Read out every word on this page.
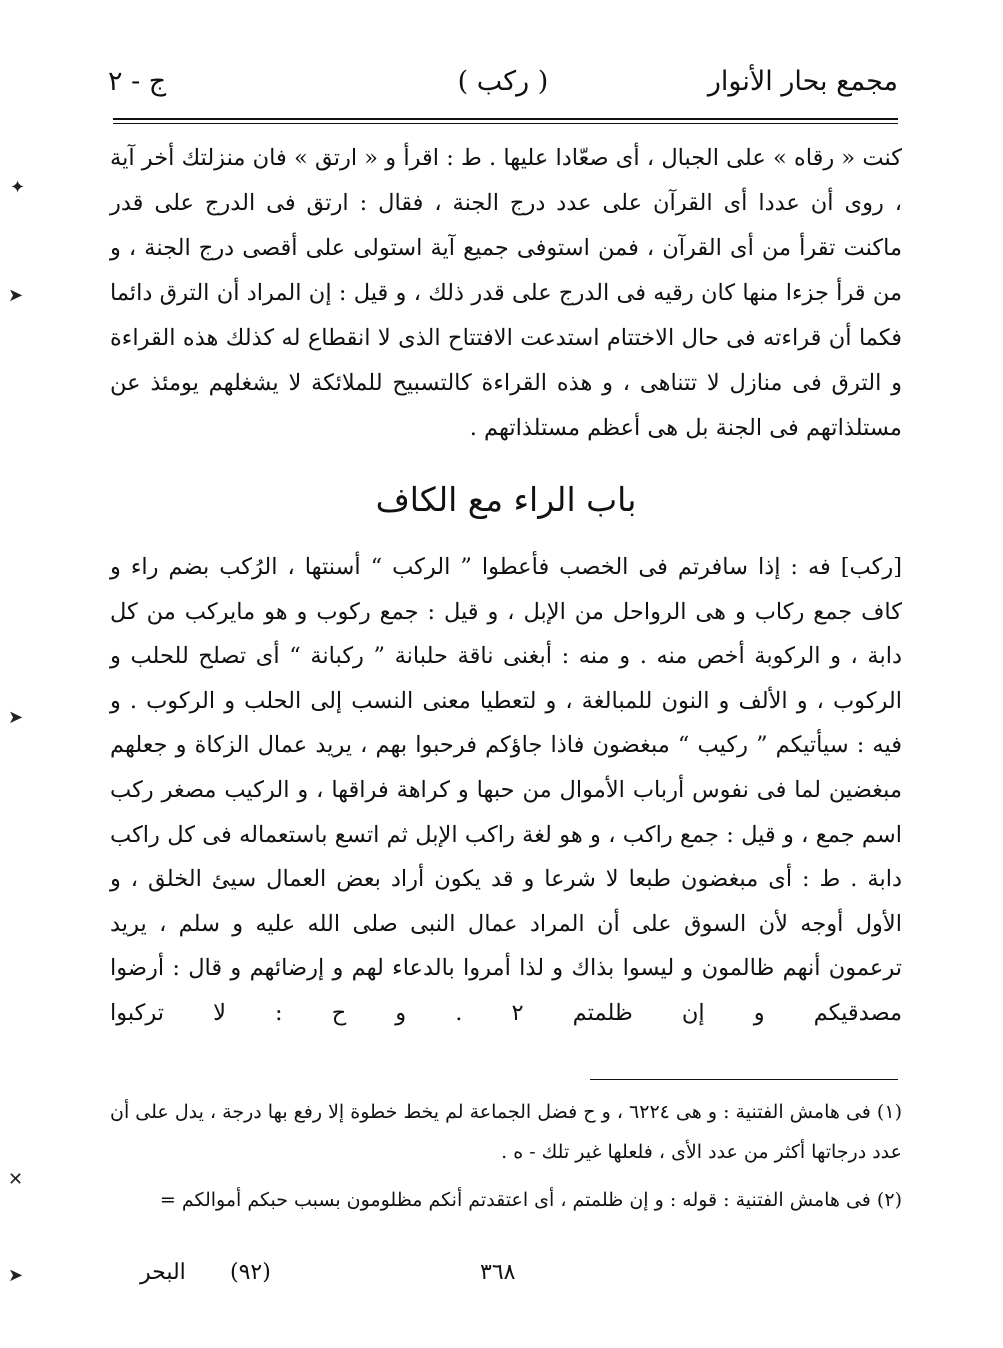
مجمع بحار الأنوار
( ركب )
ج - ٢
كنت « رقاه » على الجبال ، أى صعّادا عليها . ط : اقرأ و « ارتق » فان منزلتك أخر آية ، روى أن عددا أى القرآن على عدد درج الجنة ، فقال : ارتق فى الدرج على قدر ماكنت تقرأ من أى القرآن ، فمن استوفى جميع آية استولى على أقصى درج الجنة ، و من قرأ جزءا منها كان رقيه فى الدرج على قدر ذلك ، و قيل : إن المراد أن الترق دائما فكما أن قراءته فى حال الاختتام استدعت الافتتاح الذى لا انقطاع له كذلك هذه القراءة و الترق فى منازل لا تتناهى ، و هذه القراءة كالتسبيح للملائكة لا يشغلهم يومئذ عن مستلذاتهم فى الجنة بل هى أعظم مستلذاتهم .
باب الراء مع الكاف
[ركب] فه : إذا سافرتم فى الخصب فأعطوا ” الركب “ أسنتها ، الرُكب بضم راء و كاف جمع ركاب و هى الرواحل من الإبل ، و قيل : جمع ركوب و هو مايركب من كل دابة ، و الركوبة أخص منه . و منه : أبغنى ناقة حلبانة ” ركبانة “ أى تصلح للحلب و الركوب ، و الألف و النون للمبالغة ، و لتعطيا معنى النسب إلى الحلب و الركوب . و فيه : سيأتيكم ” ركيب “ مبغضون فاذا جاؤكم فرحبوا بهم ، يريد عمال الزكاة و جعلهم مبغضين لما فى نفوس أرباب الأموال من حبها و كراهة فراقها ، و الركيب مصغر ركب اسم جمع ، و قيل : جمع راكب ، و هو لغة راكب الإبل ثم اتسع باستعماله فى كل راكب دابة . ط : أى مبغضون طبعا لا شرعا و قد يكون أراد بعض العمال سيئ الخلق ، و الأول أوجه لأن السوق على أن المراد عمال النبى صلى الله عليه و سلم ، يريد ترعمون أنهم ظالمون و ليسوا بذاك و لذا أمروا بالدعاء لهم و إرضائهم و قال : أرضوا مصدقيكم و إن ظلمتم ٢ . و ح : لا تركبوا

(١) فى هامش الفتنية : و هى ٦٢٢٤ ، و ح فضل الجماعة لم يخط خطوة إلا رفع بها درجة ، يدل على أن عدد درجاتها أكثر من عدد الأى ، فلعلها غير تلك - ه .

(٢) فى هامش الفتنية : قوله : و إن ظلمتم ، أى اعتقدتم أنكم مظلومون بسبب حبكم أموالكم =

٣٦٨
(٩٢)
البحر
✦
➤
➤
✕
➤
